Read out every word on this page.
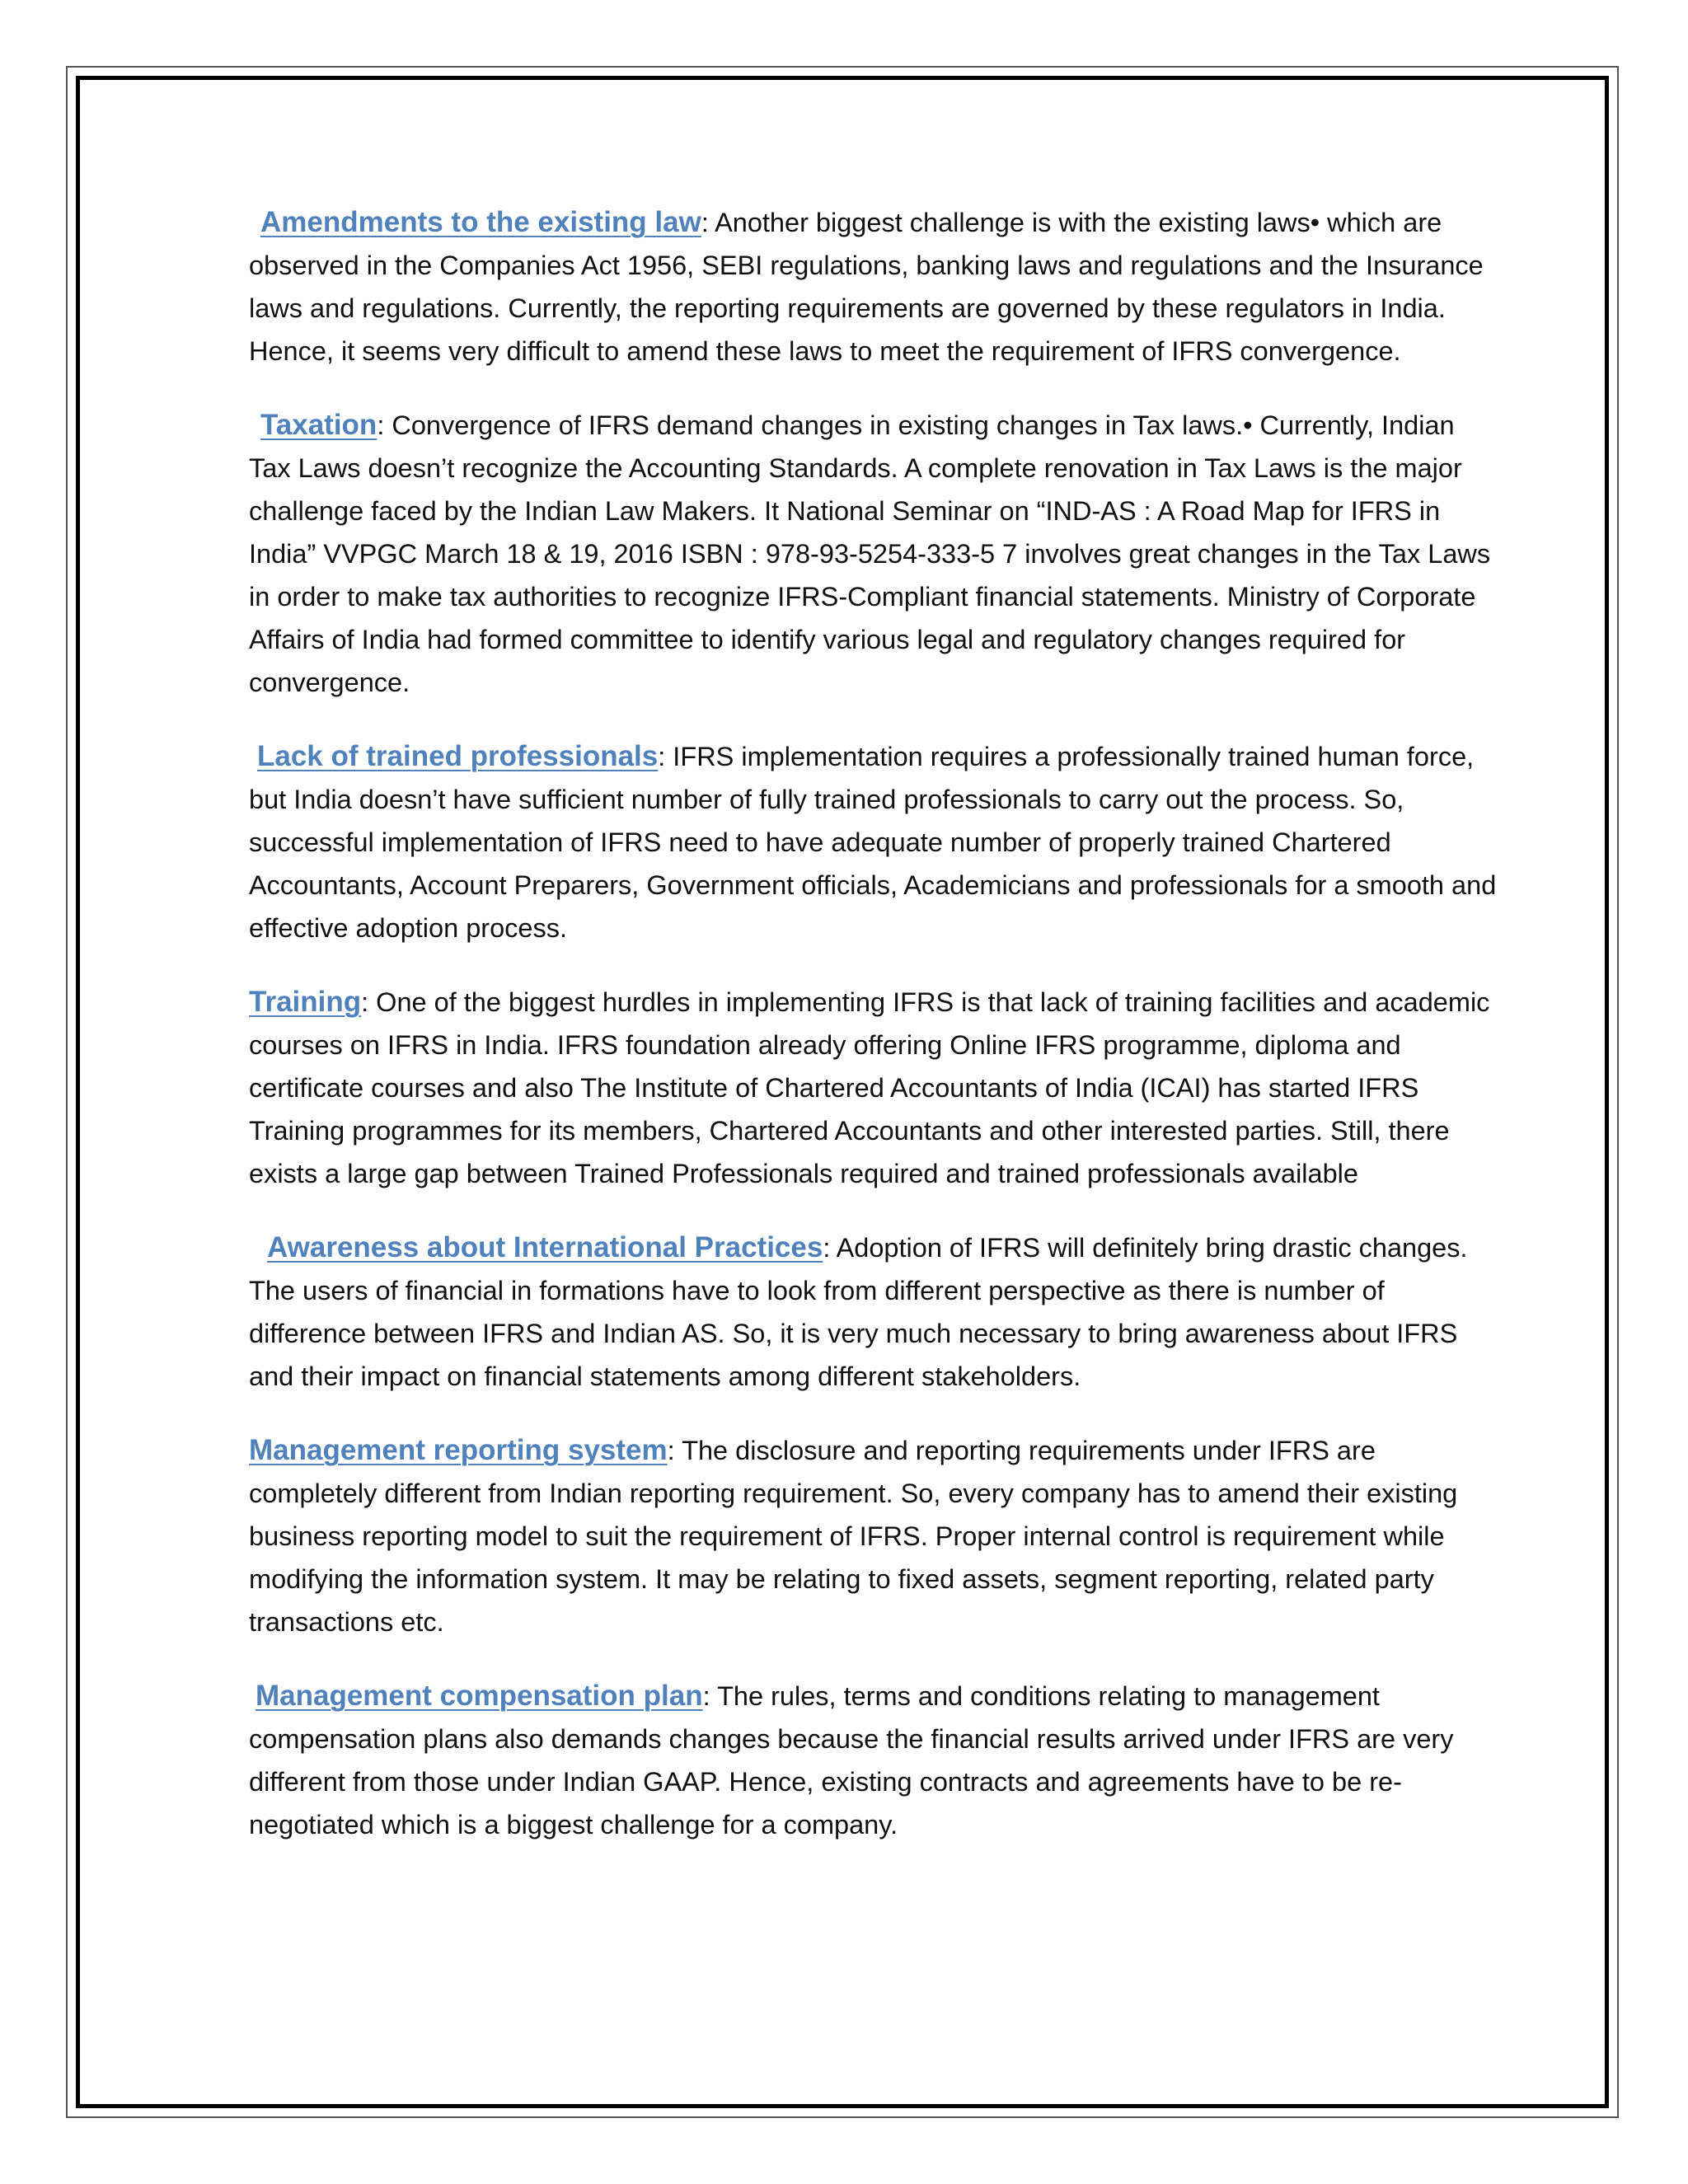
Amendments to the existing law: Another biggest challenge is with the existing laws• which are observed in the Companies Act 1956, SEBI regulations, banking laws and regulations and the Insurance laws and regulations. Currently, the reporting requirements are governed by these regulators in India. Hence, it seems very difficult to amend these laws to meet the requirement of IFRS convergence.

Taxation: Convergence of IFRS demand changes in existing changes in Tax laws.• Currently, Indian Tax Laws doesn’t recognize the Accounting Standards. A complete renovation in Tax Laws is the major challenge faced by the Indian Law Makers. It National Seminar on “IND-AS : A Road Map for IFRS in India” VVPGC March 18 & 19, 2016 ISBN : 978-93-5254-333-5 7 involves great changes in the Tax Laws in order to make tax authorities to recognize IFRS-Compliant financial statements. Ministry of Corporate Affairs of India had formed committee to identify various legal and regulatory changes required for convergence.

Lack of trained professionals: IFRS implementation requires a professionally trained human force, but India doesn’t have sufficient number of fully trained professionals to carry out the process. So, successful implementation of IFRS need to have adequate number of properly trained Chartered Accountants, Account Preparers, Government officials, Academicians and professionals for a smooth and effective adoption process.

Training: One of the biggest hurdles in implementing IFRS is that lack of training facilities and academic courses on IFRS in India. IFRS foundation already offering Online IFRS programme, diploma and certificate courses and also The Institute of Chartered Accountants of India (ICAI) has started IFRS Training programmes for its members, Chartered Accountants and other interested parties. Still, there exists a large gap between Trained Professionals required and trained professionals available

Awareness about International Practices: Adoption of IFRS will definitely bring drastic changes. The users of financial in formations have to look from different perspective as there is number of difference between IFRS and Indian AS. So, it is very much necessary to bring awareness about IFRS and their impact on financial statements among different stakeholders.

Management reporting system: The disclosure and reporting requirements under IFRS are completely different from Indian reporting requirement. So, every company has to amend their existing business reporting model to suit the requirement of IFRS. Proper internal control is requirement while modifying the information system. It may be relating to fixed assets, segment reporting, related party transactions etc.

Management compensation plan: The rules, terms and conditions relating to management compensation plans also demands changes because the financial results arrived under IFRS are very different from those under Indian GAAP. Hence, existing contracts and agreements have to be re-negotiated which is a biggest challenge for a company.
